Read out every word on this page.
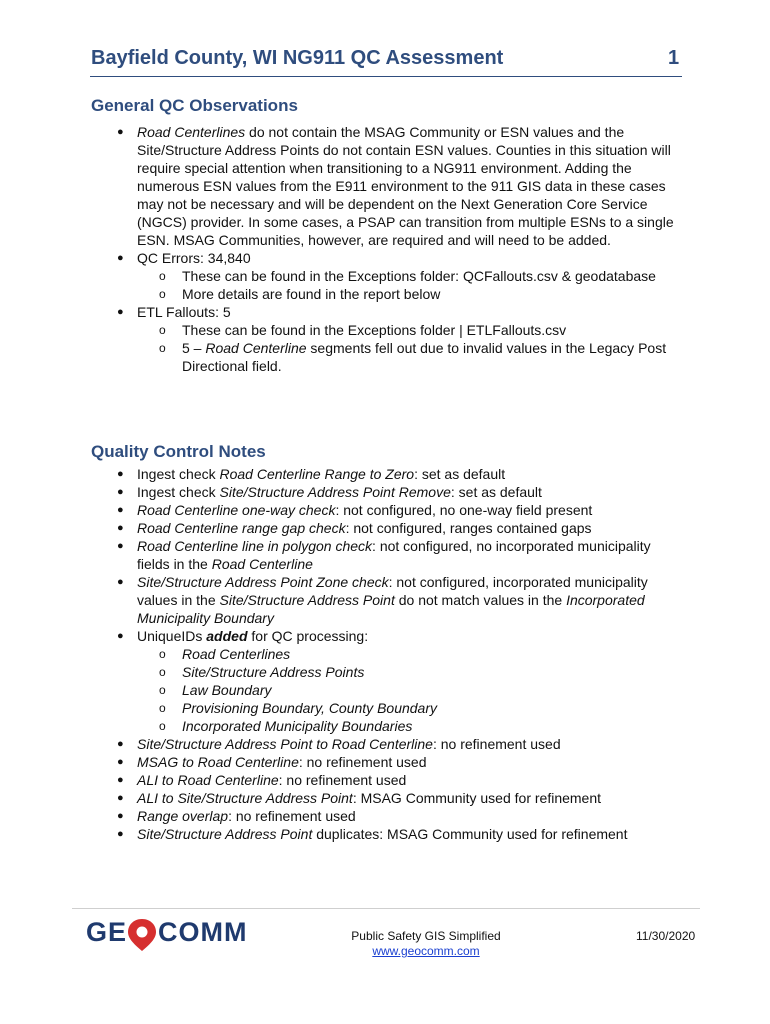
Bayfield County, WI NG911 QC Assessment	1
General QC Observations
● Road Centerlines do not contain the MSAG Community or ESN values and the Site/Structure Address Points do not contain ESN values. Counties in this situation will require special attention when transitioning to a NG911 environment. Adding the numerous ESN values from the E911 environment to the 911 GIS data in these cases may not be necessary and will be dependent on the Next Generation Core Service (NGCS) provider. In some cases, a PSAP can transition from multiple ESNs to a single ESN. MSAG Communities, however, are required and will need to be added.
● QC Errors: 34,840
o These can be found in the Exceptions folder: QCFallouts.csv & geodatabase
o More details are found in the report below
● ETL Fallouts: 5
o These can be found in the Exceptions folder | ETLFallouts.csv
o 5 – Road Centerline segments fell out due to invalid values in the Legacy Post Directional field.
Quality Control Notes
● Ingest check Road Centerline Range to Zero: set as default
● Ingest check Site/Structure Address Point Remove: set as default
● Road Centerline one-way check: not configured, no one-way field present
● Road Centerline range gap check: not configured, ranges contained gaps
● Road Centerline line in polygon check: not configured, no incorporated municipality fields in the Road Centerline
● Site/Structure Address Point Zone check: not configured, incorporated municipality values in the Site/Structure Address Point do not match values in the Incorporated Municipality Boundary
● UniqueIDs added for QC processing:
o Road Centerlines
o Site/Structure Address Points
o Law Boundary
o Provisioning Boundary, County Boundary
o Incorporated Municipality Boundaries
● Site/Structure Address Point to Road Centerline: no refinement used
● MSAG to Road Centerline: no refinement used
● ALI to Road Centerline: no refinement used
● ALI to Site/Structure Address Point: MSAG Community used for refinement
● Range overlap: no refinement used
● Site/Structure Address Point duplicates: MSAG Community used for refinement
GE COMM	Public Safety GIS Simplified
www.geocomm.com
11/30/2020
